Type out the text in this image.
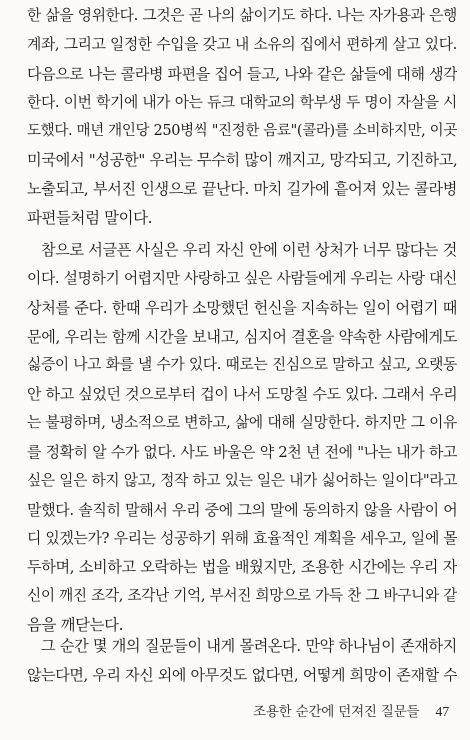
한 삶을 영위한다. 그것은 곧 나의 삶이기도 하다. 나는 자가용과 은행
계좌, 그리고 일정한 수입을 갖고 내 소유의 집에서 편하게 살고 있다.
다음으로 나는 콜라병 파편을 집어 들고, 나와 같은 삶들에 대해 생각
한다. 이번 학기에 내가 아는 듀크 대학교의 학부생 두 명이 자살을 시
도했다. 매년 개인당 250병씩 "진정한 음료"(콜라)를 소비하지만, 이곳
미국에서 "성공한" 우리는 무수히 많이 깨지고, 망각되고, 기진하고,
노출되고, 부서진 인생으로 끝난다. 마치 길가에 흩어져 있는 콜라병
파편들처럼 말이다.
참으로 서글픈 사실은 우리 자신 안에 이런 상처가 너무 많다는 것
이다. 설명하기 어렵지만 사랑하고 싶은 사람들에게 우리는 사랑 대신
상처를 준다. 한때 우리가 소망했던 헌신을 지속하는 일이 어렵기 때
문에, 우리는 함께 시간을 보내고, 심지어 결혼을 약속한 사람에게도
싫증이 나고 화를 낼 수가 있다. 때로는 진심으로 말하고 싶고, 오랫동
안 하고 싶었던 것으로부터 겁이 나서 도망칠 수도 있다. 그래서 우리
는 불평하며, 냉소적으로 변하고, 삶에 대해 실망한다. 하지만 그 이유
를 정확히 알 수가 없다. 사도 바울은 약 2천 년 전에 "나는 내가 하고
싶은 일은 하지 않고, 정작 하고 있는 일은 내가 싫어하는 일이다"라고
말했다. 솔직히 말해서 우리 중에 그의 말에 동의하지 않을 사람이 어
디 있겠는가? 우리는 성공하기 위해 효율적인 계획을 세우고, 일에 몰
두하며, 소비하고 오락하는 법을 배웠지만, 조용한 시간에는 우리 자
신이 깨진 조각, 조각난 기억, 부서진 희망으로 가득 찬 그 바구니와 같
음을 깨닫는다.
그 순간 몇 개의 질문들이 내게 몰려온다. 만약 하나님이 존재하지
않는다면, 우리 자신 외에 아무것도 없다면, 어떻게 희망이 존재할 수
조용한 순간에 던져진 질문들 47
